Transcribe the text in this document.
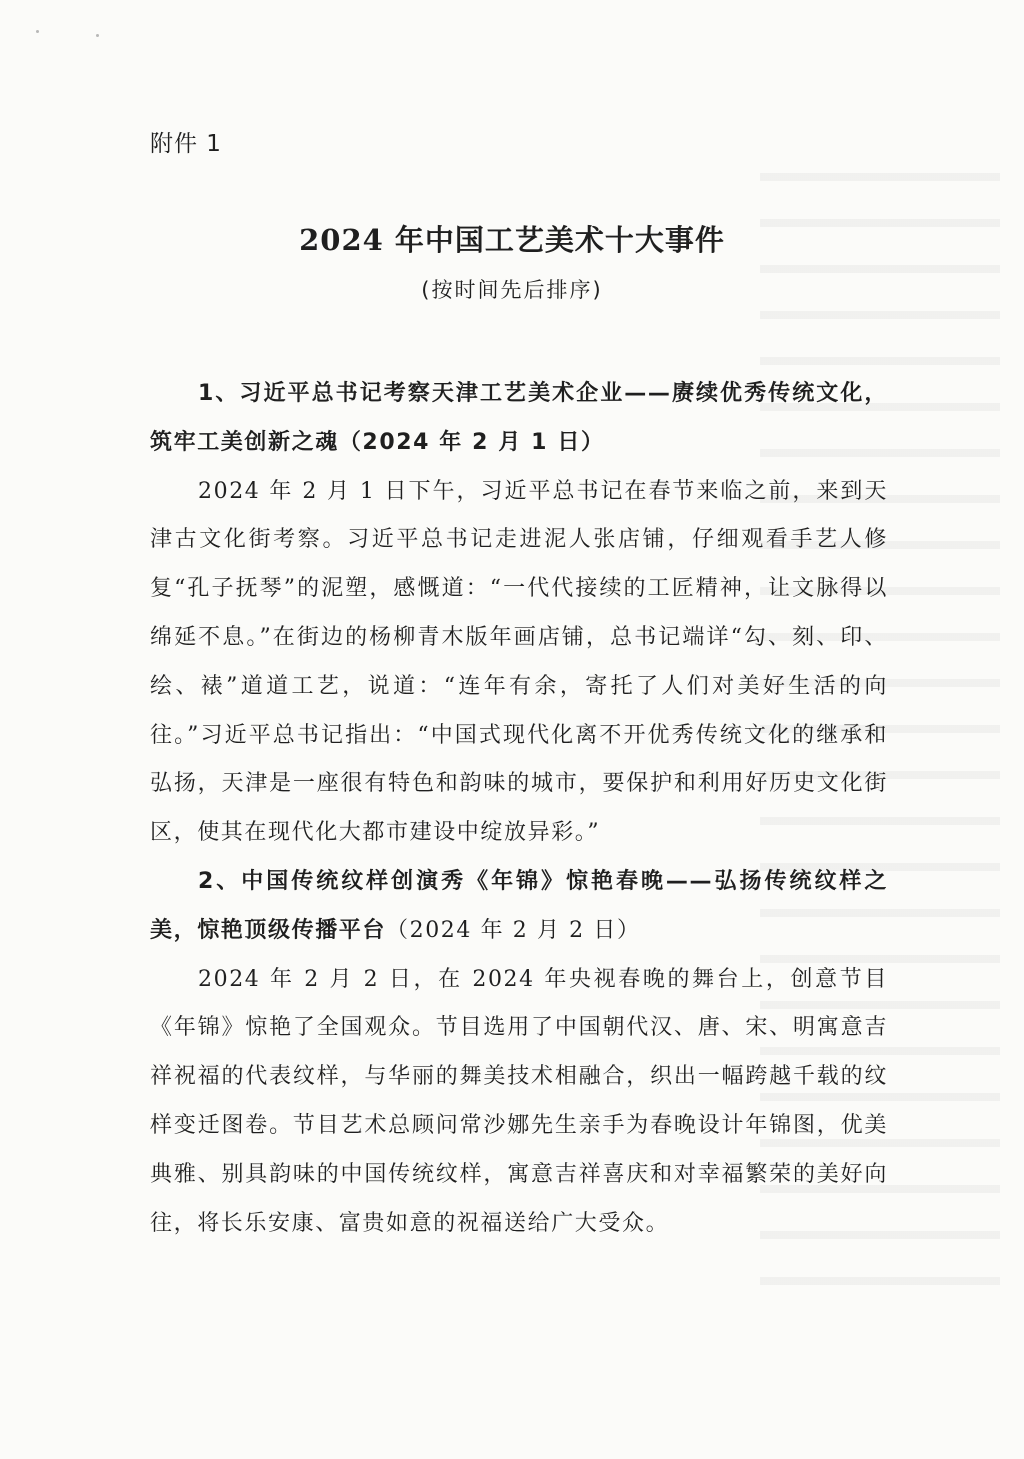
附件 1
2024 年中国工艺美术十大事件
(按时间先后排序)

1、习近平总书记考察天津工艺美术企业——赓续优秀传统文化，筑牢工美创新之魂（2024 年 2 月 1 日）

2024 年 2 月 1 日下午，习近平总书记在春节来临之前，来到天津古文化街考察。习近平总书记走进泥人张店铺，仔细观看手艺人修复“孔子抚琴”的泥塑，感慨道：“一代代接续的工匠精神，让文脉得以绵延不息。”在街边的杨柳青木版年画店铺，总书记端详“勾、刻、印、绘、裱”道道工艺，说道：“连年有余，寄托了人们对美好生活的向往。”习近平总书记指出：“中国式现代化离不开优秀传统文化的继承和弘扬，天津是一座很有特色和韵味的城市，要保护和利用好历史文化街区，使其在现代化大都市建设中绽放异彩。”

2、中国传统纹样创演秀《年锦》惊艳春晚——弘扬传统纹样之美，惊艳顶级传播平台（2024 年 2 月 2 日）

2024 年 2 月 2 日，在 2024 年央视春晚的舞台上，创意节目《年锦》惊艳了全国观众。节目选用了中国朝代汉、唐、宋、明寓意吉祥祝福的代表纹样，与华丽的舞美技术相融合，织出一幅跨越千载的纹样变迁图卷。节目艺术总顾问常沙娜先生亲手为春晚设计年锦图，优美典雅、别具韵味的中国传统纹样，寓意吉祥喜庆和对幸福繁荣的美好向往，将长乐安康、富贵如意的祝福送给广大受众。
